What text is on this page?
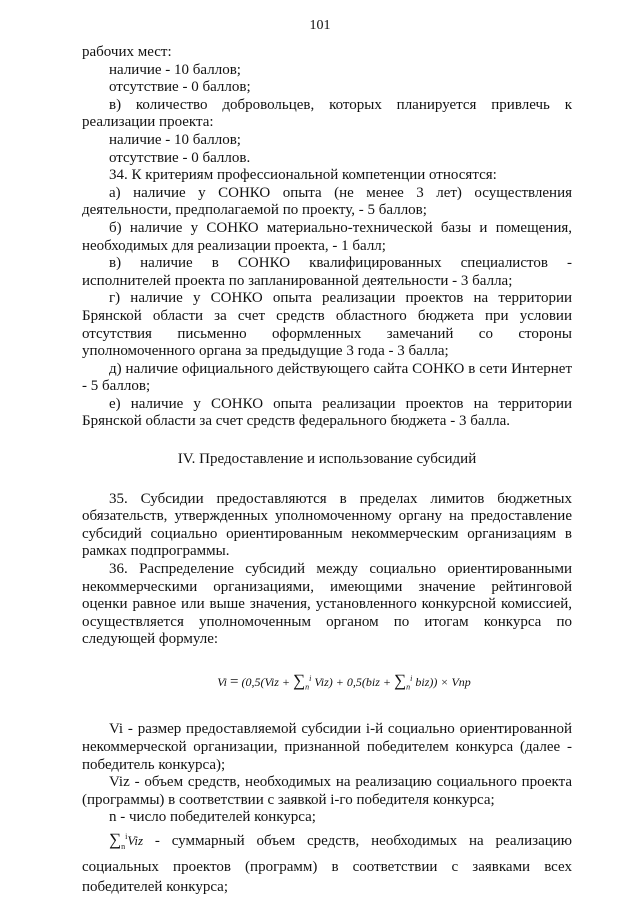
101

рабочих мест:

наличие - 10 баллов;

отсутствие - 0 баллов;

в) количество добровольцев, которых планируется привлечь к

реализации проекта:

наличие - 10 баллов;

отсутствие - 0 баллов.

34. К критериям профессиональной компетенции относятся:

а) наличие у СОНКО опыта (не менее 3 лет) осуществления деятельности, предполагаемой по проекту, - 5 баллов;

б) наличие у СОНКО материально-технической базы и помещения, необходимых для реализации проекта, - 1 балл;

в) наличие в СОНКО квалифицированных специалистов - исполнителей проекта по запланированной деятельности - 3 балла;

г) наличие у СОНКО опыта реализации проектов на территории Брянской области за счет средств областного бюджета при условии отсутствия письменно оформленных замечаний со стороны уполномоченного органа за предыдущие 3 года - 3 балла;

д) наличие официального действующего сайта СОНКО в сети Интернет - 5 баллов;

е) наличие у СОНКО опыта реализации проектов на территории Брянской области за счет средств федерального бюджета - 3 балла.

IV. Предоставление и использование субсидий

35. Субсидии предоставляются в пределах лимитов бюджетных обязательств, утвержденных уполномоченному органу на предоставление субсидий социально ориентированным некоммерческим организациям в рамках подпрограммы.

36. Распределение субсидий между социально ориентированными некоммерческими организациями, имеющими значение рейтинговой оценки равное или выше значения, установленного конкурсной комиссией, осуществляется уполномоченным органом по итогам конкурса по следующей формуле:

$Vi = (0,5(Viz + \sum_n^i$ $Viz) + 0,5(biz + \sum_n^i$ biz)) × Vпр

Vi - размер предоставляемой субсидии i-й социально ориентированной некоммерческой организации, признанной победителем конкурса (далее - победитель конкурса);

Viz - объем средств, необходимых на реализацию социального проекта (программы) в соответствии с заявкой i-го победителя конкурса;

n - число победителей конкурса;

$\sum_n^iViz$ - суммарный объем средств, необходимых на реализацию социальных проектов (программ) в соответствии с заявками всех победителей конкурса;
